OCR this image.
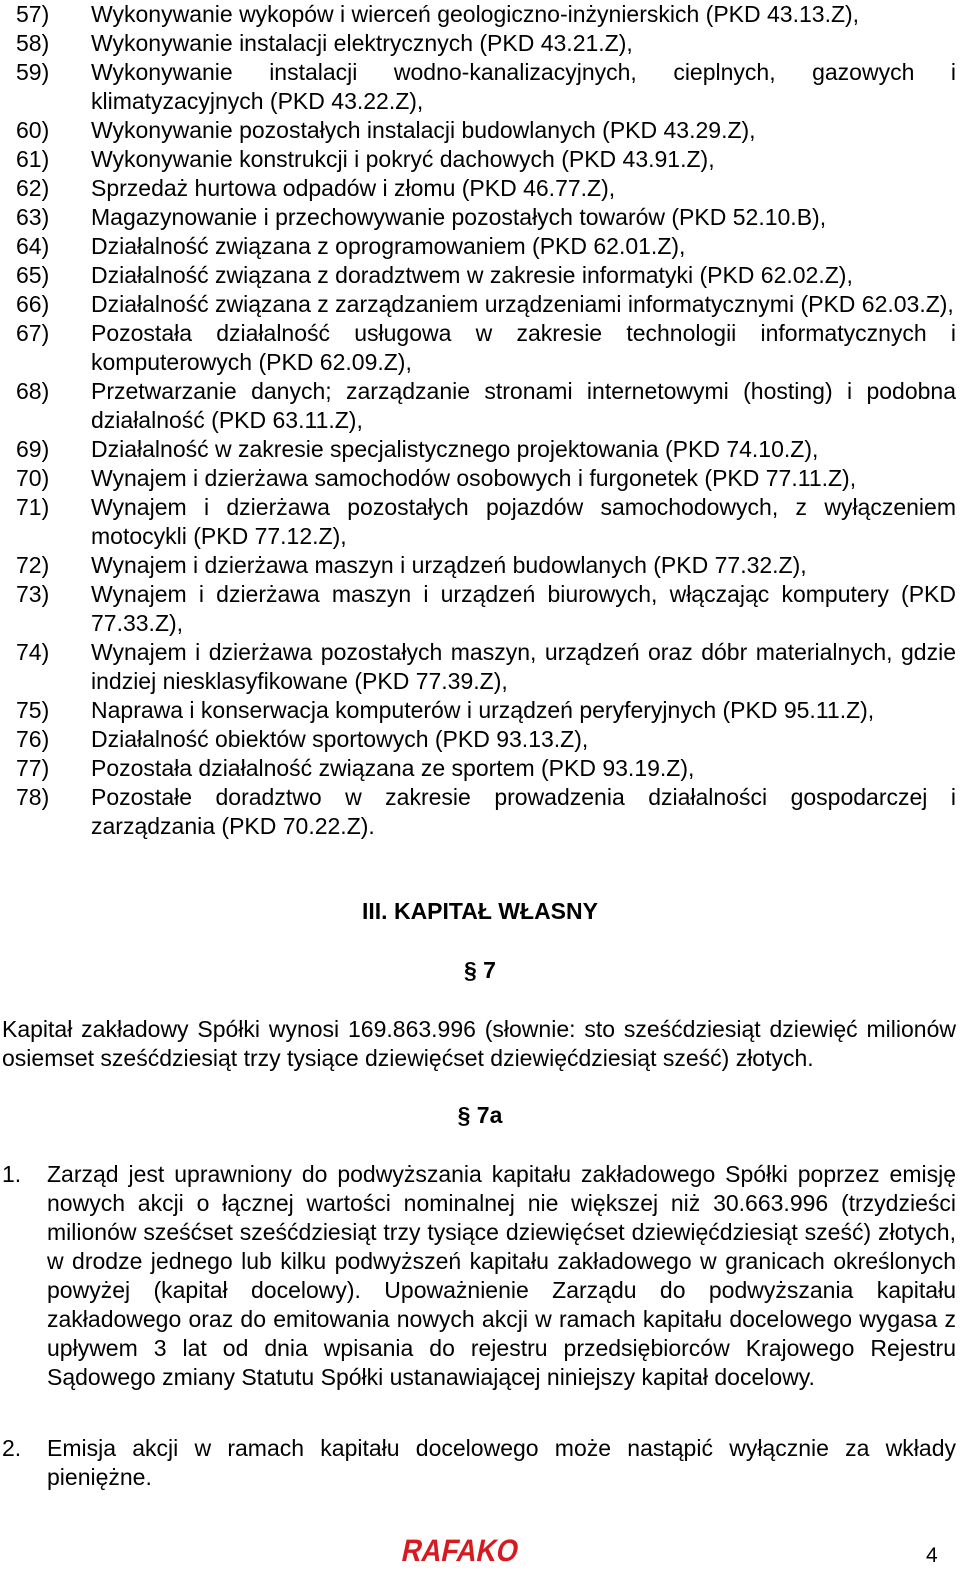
57)	Wykonywanie wykopów i wierceń geologiczno-inżynierskich (PKD 43.13.Z),
58)	Wykonywanie instalacji elektrycznych (PKD 43.21.Z),
59)	Wykonywanie instalacji wodno-kanalizacyjnych, cieplnych, gazowych i klimatyzacyjnych (PKD 43.22.Z),
60)	Wykonywanie pozostałych instalacji budowlanych (PKD 43.29.Z),
61)	Wykonywanie konstrukcji i pokryć dachowych (PKD 43.91.Z),
62)	Sprzedaż hurtowa odpadów i złomu (PKD 46.77.Z),
63)	Magazynowanie i przechowywanie pozostałych towarów (PKD 52.10.B),
64)	Działalność związana z oprogramowaniem (PKD 62.01.Z),
65)	Działalność związana z doradztwem w zakresie informatyki (PKD 62.02.Z),
66)	Działalność związana z zarządzaniem urządzeniami informatycznymi (PKD 62.03.Z),
67)	Pozostała działalność usługowa w zakresie technologii informatycznych i komputerowych (PKD 62.09.Z),
68)	Przetwarzanie danych; zarządzanie stronami internetowymi (hosting) i podobna działalność (PKD 63.11.Z),
69)	Działalność w zakresie specjalistycznego projektowania (PKD 74.10.Z),
70)	Wynajem i dzierżawa samochodów osobowych i furgonetek (PKD 77.11.Z),
71)	Wynajem i dzierżawa pozostałych pojazdów samochodowych, z wyłączeniem motocykli (PKD 77.12.Z),
72)	Wynajem i dzierżawa maszyn i urządzeń budowlanych (PKD 77.32.Z),
73)	Wynajem i dzierżawa maszyn i urządzeń biurowych, włączając komputery (PKD 77.33.Z),
74)	Wynajem i dzierżawa pozostałych maszyn, urządzeń oraz dóbr materialnych, gdzie indziej niesklasyfikowane (PKD 77.39.Z),
75)	Naprawa i konserwacja komputerów i urządzeń peryferyjnych (PKD 95.11.Z),
76)	Działalność obiektów sportowych (PKD 93.13.Z),
77)	Pozostała działalność związana ze sportem (PKD 93.19.Z),
78)	Pozostałe doradztwo w zakresie prowadzenia działalności gospodarczej i zarządzania (PKD 70.22.Z).
III. KAPITAŁ WŁASNY
§ 7
Kapitał zakładowy Spółki wynosi 169.863.996 (słownie: sto sześćdziesiąt dziewięć milionów osiemset sześćdziesiąt trzy tysiące dziewięćset dziewięćdziesiąt sześć) złotych.
§ 7a
1.	Zarząd jest uprawniony do podwyższania kapitału zakładowego Spółki poprzez emisję nowych akcji o łącznej wartości nominalnej nie większej niż 30.663.996 (trzydzieści milionów sześćset sześćdziesiąt trzy tysiące dziewięćset dziewięćdziesiąt sześć) złotych, w drodze jednego lub kilku podwyższeń kapitału zakładowego w granicach określonych powyżej (kapitał docelowy). Upoważnienie Zarządu do podwyższania kapitału zakładowego oraz do emitowania nowych akcji w ramach kapitału docelowego wygasa z upływem 3 lat od dnia wpisania do rejestru przedsiębiorców Krajowego Rejestru Sądowego zmiany Statutu Spółki ustanawiającej niniejszy kapitał docelowy.
2.	Emisja akcji w ramach kapitału docelowego może nastąpić wyłącznie za wkłady pieniężne.
RAFAKO	4
